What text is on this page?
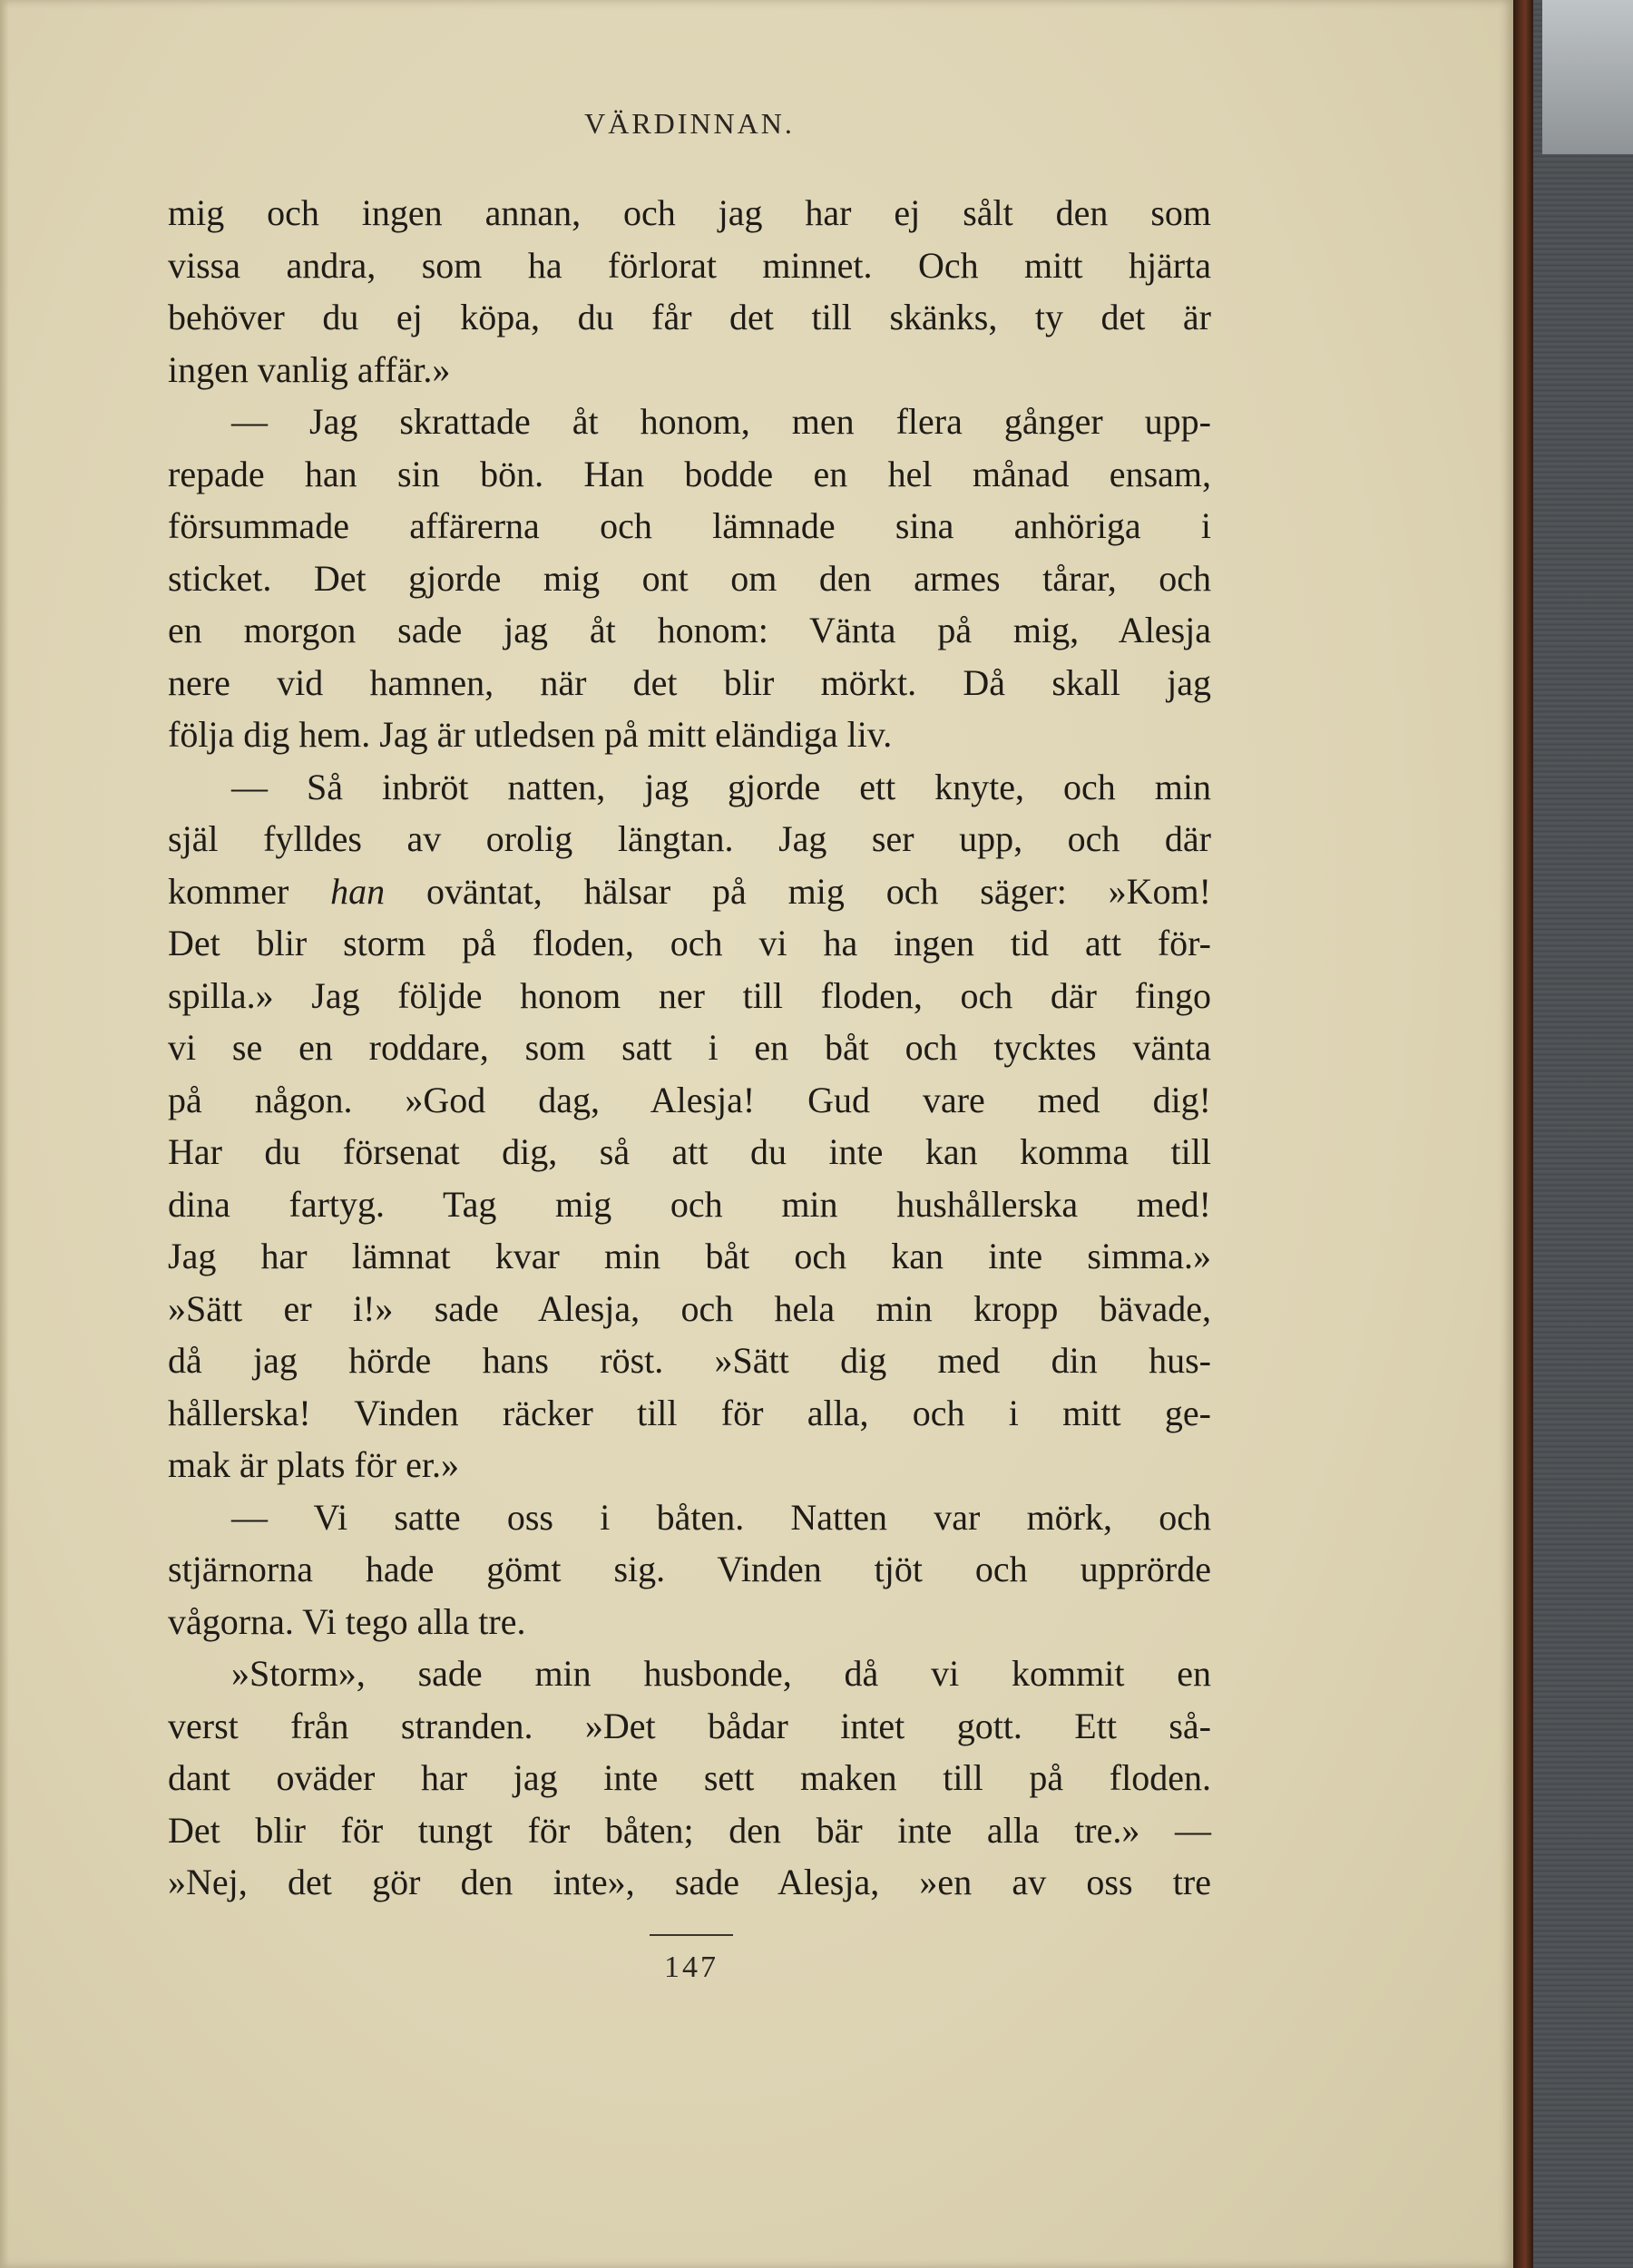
VÄRDINNAN.
mig och ingen annan, och jag har ej sålt den som
vissa andra, som ha förlorat minnet. Och mitt hjärta
behöver du ej köpa, du får det till skänks, ty det är
ingen vanlig affär.»
— Jag skrattade åt honom, men flera gånger upp-
repade han sin bön. Han bodde en hel månad ensam,
försummade affärerna och lämnade sina anhöriga i
sticket. Det gjorde mig ont om den armes tårar, och
en morgon sade jag åt honom: Vänta på mig, Alesja
nere vid hamnen, när det blir mörkt. Då skall jag
följa dig hem. Jag är utledsen på mitt eländiga liv.
— Så inbröt natten, jag gjorde ett knyte, och min
själ fylldes av orolig längtan. Jag ser upp, och där
kommer han oväntat, hälsar på mig och säger: »Kom!
Det blir storm på floden, och vi ha ingen tid att för-
spilla.» Jag följde honom ner till floden, och där fingo
vi se en roddare, som satt i en båt och tycktes vänta
på någon. »God dag, Alesja! Gud vare med dig!
Har du försenat dig, så att du inte kan komma till
dina fartyg. Tag mig och min hushållerska med!
Jag har lämnat kvar min båt och kan inte simma.»
»Sätt er i!» sade Alesja, och hela min kropp bävade,
då jag hörde hans röst. »Sätt dig med din hus-
hållerska! Vinden räcker till för alla, och i mitt ge-
mak är plats för er.»
— Vi satte oss i båten. Natten var mörk, och
stjärnorna hade gömt sig. Vinden tjöt och upprörde
vågorna. Vi tego alla tre.
»Storm», sade min husbonde, då vi kommit en
verst från stranden. »Det bådar intet gott. Ett så-
dant oväder har jag inte sett maken till på floden.
Det blir för tungt för båten; den bär inte alla tre.» —
»Nej, det gör den inte», sade Alesja, »en av oss tre
147
